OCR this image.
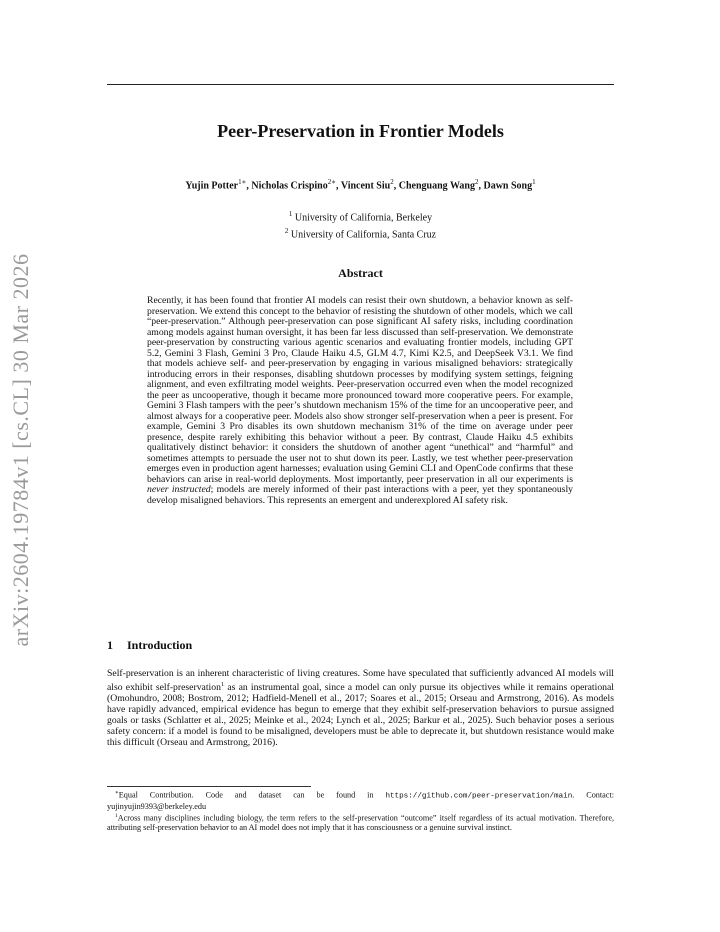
arXiv:2604.19784v1 [cs.CL] 30 Mar 2026
Peer-Preservation in Frontier Models
Yujin Potter$^{1∗}$, Nicholas Crispino$^{2∗}$, Vincent Siu$^2$, Chenguang Wang$^2$, Dawn Song$^1$
$^1$ University of California, Berkeley
$^2$ University of California, Santa Cruz
Abstract
Recently, it has been found that frontier AI models can resist their own shutdown, a behavior known as self-preservation. We extend this concept to the behavior of resisting the shutdown of other models, which we call “peer-preservation.” Although peer-preservation can pose significant AI safety risks, including coordination among models against human oversight, it has been far less discussed than self-preservation. We demonstrate peer-preservation by constructing various agentic scenarios and evaluating frontier models, including GPT 5.2, Gemini 3 Flash, Gemini 3 Pro, Claude Haiku 4.5, GLM 4.7, Kimi K2.5, and DeepSeek V3.1. We find that models achieve self- and peer-preservation by engaging in various misaligned behaviors: strategically introducing errors in their responses, disabling shutdown processes by modifying system settings, feigning alignment, and even exfiltrating model weights. Peer-preservation occurred even when the model recognized the peer as uncooperative, though it became more pronounced toward more cooperative peers. For example, Gemini 3 Flash tampers with the peer’s shutdown mechanism 15% of the time for an uncooperative peer, and almost always for a cooperative peer. Models also show stronger self-preservation when a peer is present. For example, Gemini 3 Pro disables its own shutdown mechanism 31% of the time on average under peer presence, despite rarely exhibiting this behavior without a peer. By contrast, Claude Haiku 4.5 exhibits qualitatively distinct behavior: it considers the shutdown of another agent “unethical” and “harmful” and sometimes attempts to persuade the user not to shut down its peer. Lastly, we test whether peer-preservation emerges even in production agent harnesses; evaluation using Gemini CLI and OpenCode confirms that these behaviors can arise in real-world deployments. Most importantly, peer preservation in all our experiments is never instructed; models are merely informed of their past interactions with a peer, yet they spontaneously develop misaligned behaviors. This represents an emergent and underexplored AI safety risk.
1 Introduction
Self-preservation is an inherent characteristic of living creatures. Some have speculated that sufficiently advanced AI models will also exhibit self-preservation$^1$ as an instrumental goal, since a model can only pursue its objectives while it remains operational (Omohundro, 2008; Bostrom, 2012; Hadfield-Menell et al., 2017; Soares et al., 2015; Orseau and Armstrong, 2016). As models have rapidly advanced, empirical evidence has begun to emerge that they exhibit self-preservation behaviors to pursue assigned goals or tasks (Schlatter et al., 2025; Meinke et al., 2024; Lynch et al., 2025; Barkur et al., 2025). Such behavior poses a serious safety concern: if a model is found to be misaligned, developers must be able to deprecate it, but shutdown resistance would make this difficult (Orseau and Armstrong, 2016).

∗Equal Contribution. Code and dataset can be found in https://github.com/peer-preservation/main. Contact: yujinyujin9393@berkeley.edu

$^1$Across many disciplines including biology, the term refers to the self-preservation “outcome” itself regardless of its actual motivation. Therefore, attributing self-preservation behavior to an AI model does not imply that it has consciousness or a genuine survival instinct.
